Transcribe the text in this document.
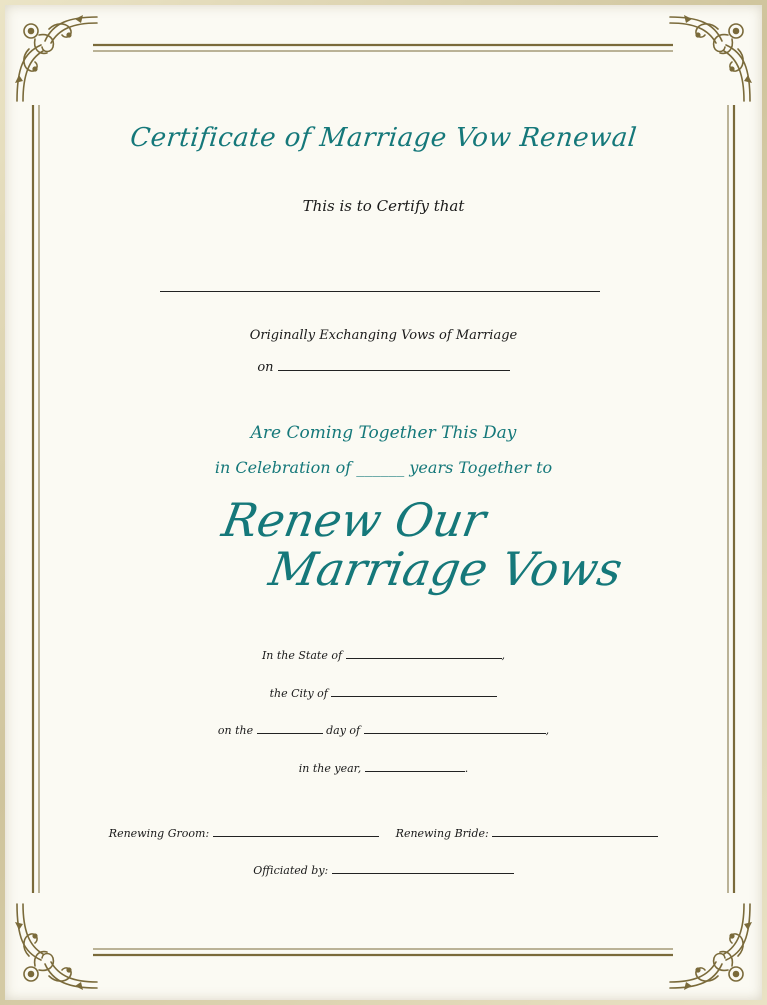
Certificate of Marriage Vow Renewal
This is to Certify that
Originally Exchanging Vows of Marriage
on
Are Coming Together This Day
in Celebration of ______ years Together to
Renew Our
Marriage Vows
In the State of	,
the City of
on the	day of	,
in the year,	.
Renewing Groom:	Renewing Bride:
Officiated by:
